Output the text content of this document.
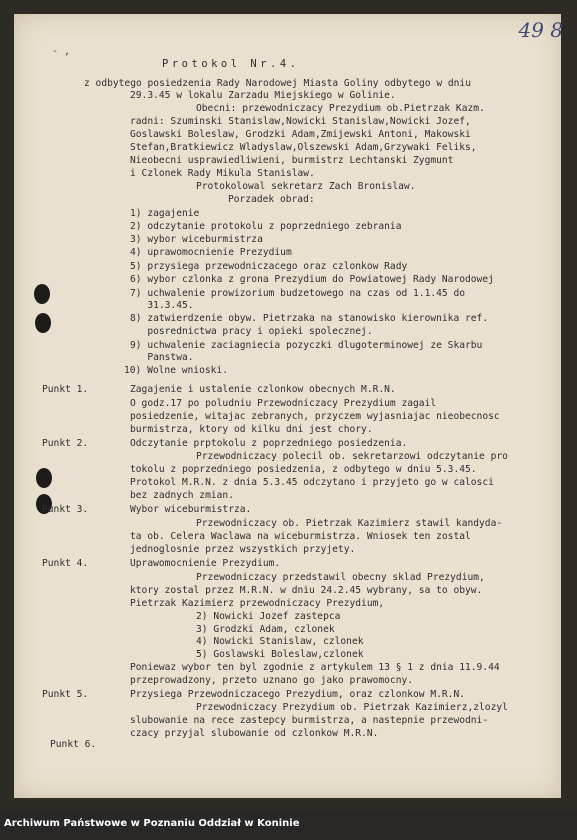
- ,
49 8
Protokol Nr.4.
z odbytego posiedzenia Rady Narodowej Miasta Goliny odbytego w dniu
29.3.45 w lokalu Zarzadu Miejskiego w Golinie.
Obecni: przewodniczacy Prezydium ob.Pietrzak Kazm.
radni: Szuminski Stanislaw,Nowicki Stanislaw,Nowicki Jozef,
Goslawski Boleslaw, Grodzki Adam,Zmijewski Antoni, Makowski
Stefan,Bratkiewicz Wladyslaw,Olszewski Adam,Grzywaki Feliks,
Nieobecni usprawiedliwieni, burmistrz Lechtanski Zygmunt
i Czlonek Rady Mikula Stanislaw.
Protokolowal sekretarz Zach Bronislaw.
Porzadek obrad:
1) zagajenie
2) odczytanie protokolu z poprzedniego zebrania
3) wybor wiceburmistrza
4) uprawomocnienie Prezydium
5) przysiega przewodniczacego oraz czlonkow Rady
6) wybor czlonka z grona Prezydium do Powiatowej Rady Narodowej
7) uchwalenie prowizorium budzetowego na czas od 1.1.45 do
31.3.45.
8) zatwierdzenie obyw. Pietrzaka na stanowisko kierownika ref.
posrednictwa pracy i opieki spolecznej.
9) uchwalenie zaciagniecia pozyczki dlugoterminowej ze Skarbu
Panstwa.
10) Wolne wnioski.
Zagajenie i ustalenie czlonkow obecnych M.R.N.
O godz.17 po poludniu Przewodniczacy Prezydium zagail
posiedzenie, witajac zebranych, przyczem wyjasniajac nieobecnosc
burmistrza, ktory od kilku dni jest chory.
Odczytanie prptokolu z poprzedniego posiedzenia.
Przewodniczacy polecil ob. sekretarzowi odczytanie pro
tokolu z poprzedniego posiedzenia, z odbytego w dniu 5.3.45.
Protokol M.R.N. z dnia 5.3.45 odczytano i przyjeto go w calosci
bez zadnych zmian.
Wybor wiceburmistrza.
Przewodniczacy ob. Pietrzak Kazimierz stawil kandyda-
ta ob. Celera Waclawa na wiceburmistrza. Wniosek ten zostal
jednoglosnie przez wszystkich przyjety.
Uprawomocnienie Prezydium.
Przewodniczacy przedstawil obecny sklad Prezydium,
ktory zostal przez M.R.N. w dniu 24.2.45 wybrany, sa to obyw.
Pietrzak Kazimierz przewodniczacy Prezydium,
2) Nowicki Jozef zastepca
3) Grodzki Adam, czlonek
4) Nowicki Stanislaw, czlonek
5) Goslawski Boleslaw,czlonek
Poniewaz wybor ten byl zgodnie z artykulem 13 § 1 z dnia 11.9.44
przeprowadzony, przeto uznano go jako prawomocny.
Przysiega Przewodniczacego Prezydium, oraz czlonkow M.R.N.
Przewodniczacy Prezydium ob. Pietrzak Kazimierz,zlozyl
slubowanie na rece zastepcy burmistrza, a nastepnie przewodni-
czacy przyjal slubowanie od czlonkow M.R.N.
Punkt 1.
Punkt 2.
Punkt 3.
Punkt 4.
Punkt 5.
Punkt 6.
Archiwum Państwowe w Poznaniu Oddział w Koninie
